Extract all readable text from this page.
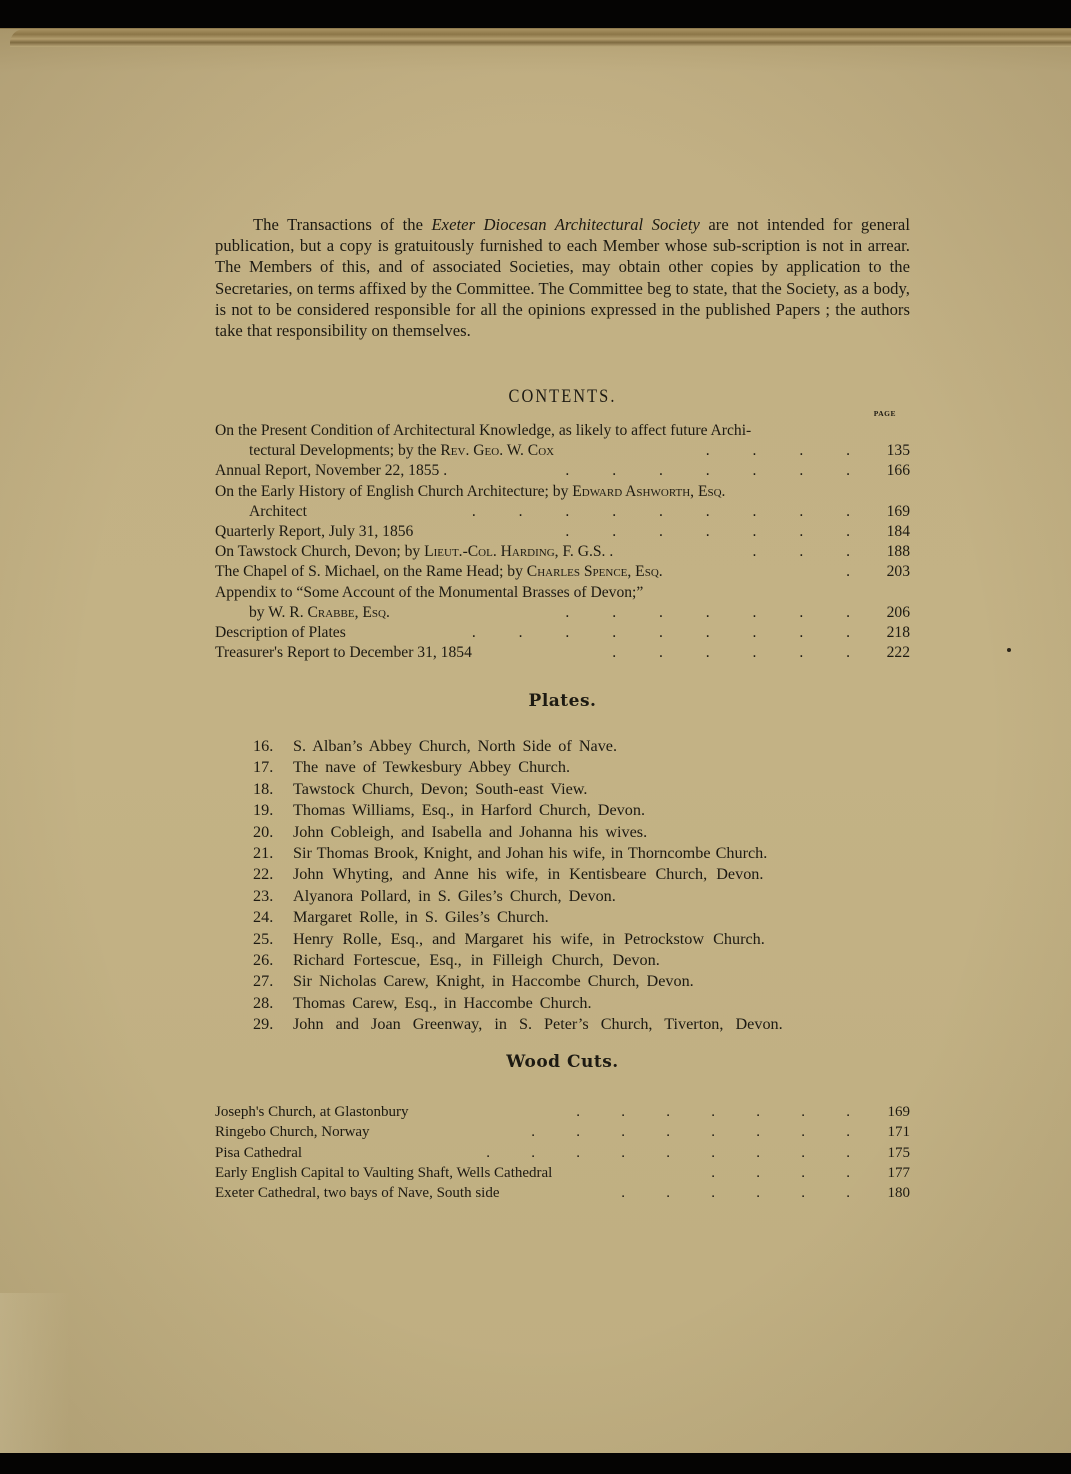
The Transactions of the Exeter Diocesan Architectural Society are not intended for general publication, but a copy is gratuitously furnished to each Member whose sub-scription is not in arrear. The Members of this, and of associated Societies, may obtain other copies by application to the Secretaries, on terms affixed by the Committee. The Committee beg to state, that the Society, as a body, is not to be considered responsible for all the opinions expressed in the published Papers ; the authors take that responsibility on themselves.

CONTENTS.
PAGE
On the Present Condition of Architectural Knowledge, as likely to affect future Archi-
tectural Developments; by the Rev. Geo. W. Cox	.           .           .           .	135
Annual Report, November 22, 1855 .	.           .           .           .           .           .           .	166
On the Early History of English Church Architecture; by Edward Ashworth, Esq.
Architect	.           .           .           .           .           .           .           .           .	169
Quarterly Report, July 31, 1856	.           .           .           .           .           .           .	184
On Tawstock Church, Devon; by Lieut.-Col. Harding, F. G.S. .	.           .           .	188
The Chapel of S. Michael, on the Rame Head; by Charles Spence, Esq.	.	203
Appendix to “Some Account of the Monumental Brasses of Devon;”
by W. R. Crabbe, Esq.	.           .           .           .           .           .           .	206
Description of Plates	.           .           .           .           .           .           .           .           .	218
Treasurer's Report to December 31, 1854	.           .           .           .           .           .	222
Plates.
16.	S. Alban’s Abbey Church, North Side of Nave.
17.	The nave of Tewkesbury Abbey Church.
18.	Tawstock Church, Devon; South-east View.
19.	Thomas Williams, Esq., in Harford Church, Devon.
20.	John Cobleigh, and Isabella and Johanna his wives.
21.	Sir Thomas Brook, Knight, and Johan his wife, in Thorncombe Church.
22.	John Whyting, and Anne his wife, in Kentisbeare Church, Devon.
23.	Alyanora Pollard, in S. Giles’s Church, Devon.
24.	Margaret Rolle, in S. Giles’s Church.
25.	Henry Rolle, Esq., and Margaret his wife, in Petrockstow Church.
26.	Richard Fortescue, Esq., in Filleigh Church, Devon.
27.	Sir Nicholas Carew, Knight, in Haccombe Church, Devon.
28.	Thomas Carew, Esq., in Haccombe Church.
29.	John and Joan Greenway, in S. Peter’s Church, Tiverton, Devon.
Wood Cuts.
Joseph's Church, at Glastonbury	.           .           .           .           .           .           .	169
Ringebo Church, Norway	.           .           .           .           .           .           .           .	171
Pisa Cathedral	.           .           .           .           .           .           .           .           .	175
Early English Capital to Vaulting Shaft, Wells Cathedral	.           .           .           .	177
Exeter Cathedral, two bays of Nave, South side	.           .           .           .           .           .	180
